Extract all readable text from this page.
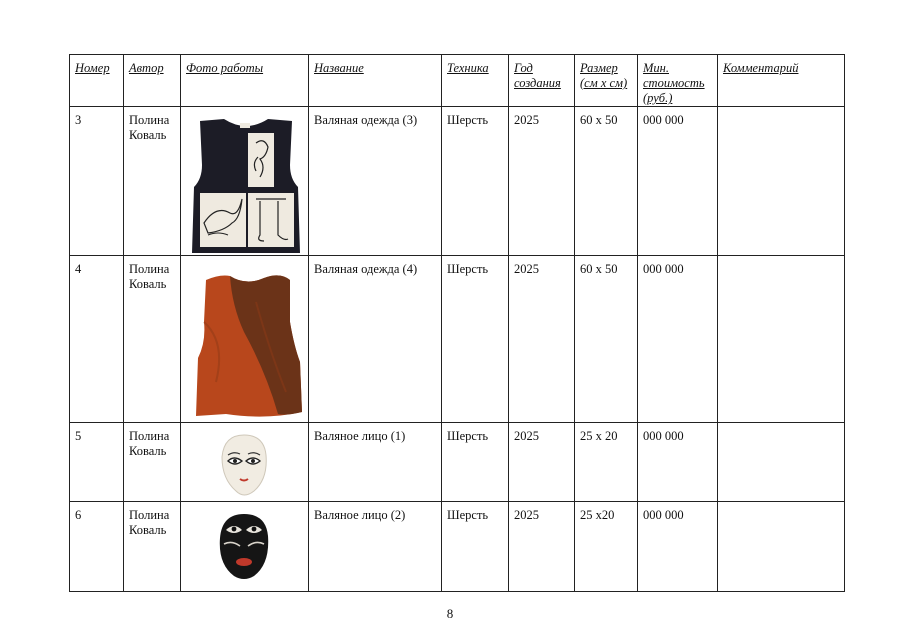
Номер	Автор	Фото работы	Название	Техника	Год создания	Размер (см х см)	Мин. стоимость (руб.)	Комментарий
3	Полина Коваль		Валяная одежда (3)	Шерсть	2025	60 х 50	000 000	
4	Полина Коваль		Валяная одежда (4)	Шерсть	2025	60 х 50	000 000	
5	Полина Коваль		Валяное лицо (1)	Шерсть	2025	25 х 20	000 000	
6	Полина Коваль		Валяное лицо (2)	Шерсть	2025	25 х20	000 000	
8
